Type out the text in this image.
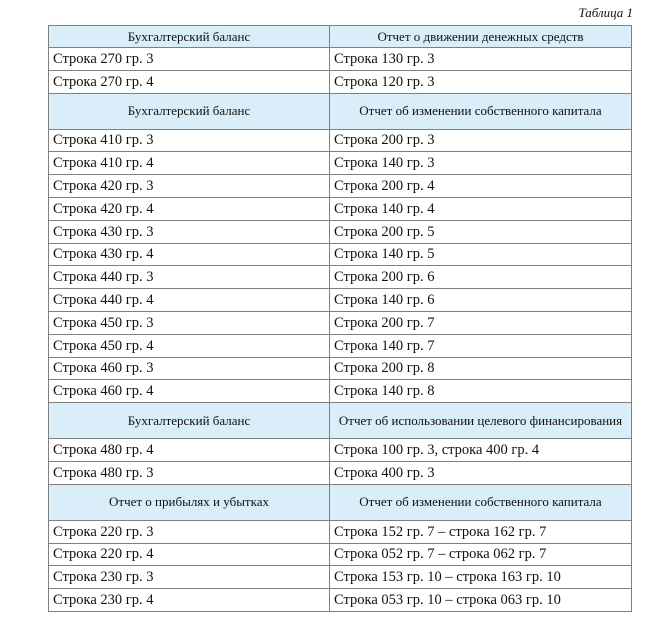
Таблица 1
Бухгалтерский баланс	Отчет о движении денежных средств
Строка 270 гр. 3	Строка 130 гр. 3
Строка 270 гр. 4	Строка 120 гр. 3
Бухгалтерский баланс	Отчет об изменении собственного капитала
Строка 410 гр. 3	Строка 200 гр. 3
Строка 410 гр. 4	Строка 140 гр. 3
Строка 420 гр. 3	Строка 200 гр. 4
Строка 420 гр. 4	Строка 140 гр. 4
Строка 430 гр. 3	Строка 200 гр. 5
Строка 430 гр. 4	Строка 140 гр. 5
Строка 440 гр. 3	Строка 200 гр. 6
Строка 440 гр. 4	Строка 140 гр. 6
Строка 450 гр. 3	Строка 200 гр. 7
Строка 450 гр. 4	Строка 140 гр. 7
Строка 460 гр. 3	Строка 200 гр. 8
Строка 460 гр. 4	Строка 140 гр. 8
Бухгалтерский баланс	Отчет об использовании целевого финансирования
Строка 480 гр. 4	Строка 100 гр. 3, строка 400 гр. 4
Строка 480 гр. 3	Строка 400 гр. 3
Отчет о прибылях и убытках	Отчет об изменении собственного капитала
Строка 220 гр. 3	Строка 152 гр. 7 – строка 162 гр. 7
Строка 220 гр. 4	Строка 052 гр. 7 – строка 062 гр. 7
Строка 230 гр. 3	Строка 153 гр. 10 – строка 163 гр. 10
Строка 230 гр. 4	Строка 053 гр. 10 – строка 063 гр. 10
